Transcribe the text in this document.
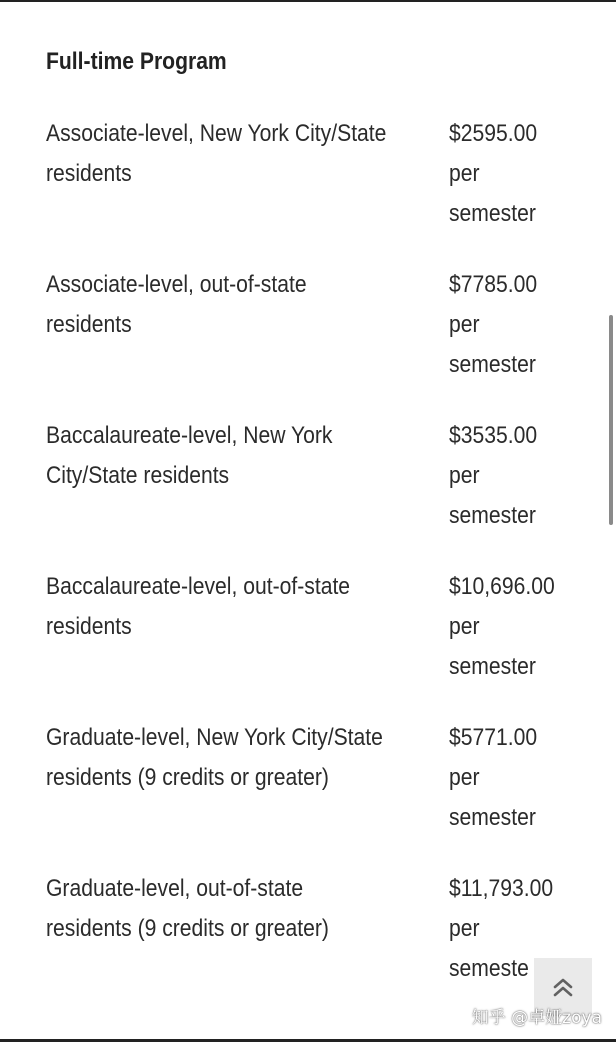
Full-time Program
Associate-level, New York City/State
residents
$2595.00
per
semester
Associate-level, out-of-state
residents
$7785.00
per
semester
Baccalaureate-level, New York
City/State residents
$3535.00
per
semester
Baccalaureate-level, out-of-state
residents
$10,696.00
per
semester
Graduate-level, New York City/State
residents (9 credits or greater)
$5771.00
per
semester
Graduate-level, out-of-state
residents (9 credits or greater)
$11,793.00
per
semeste
知乎 @卓娅zoya
